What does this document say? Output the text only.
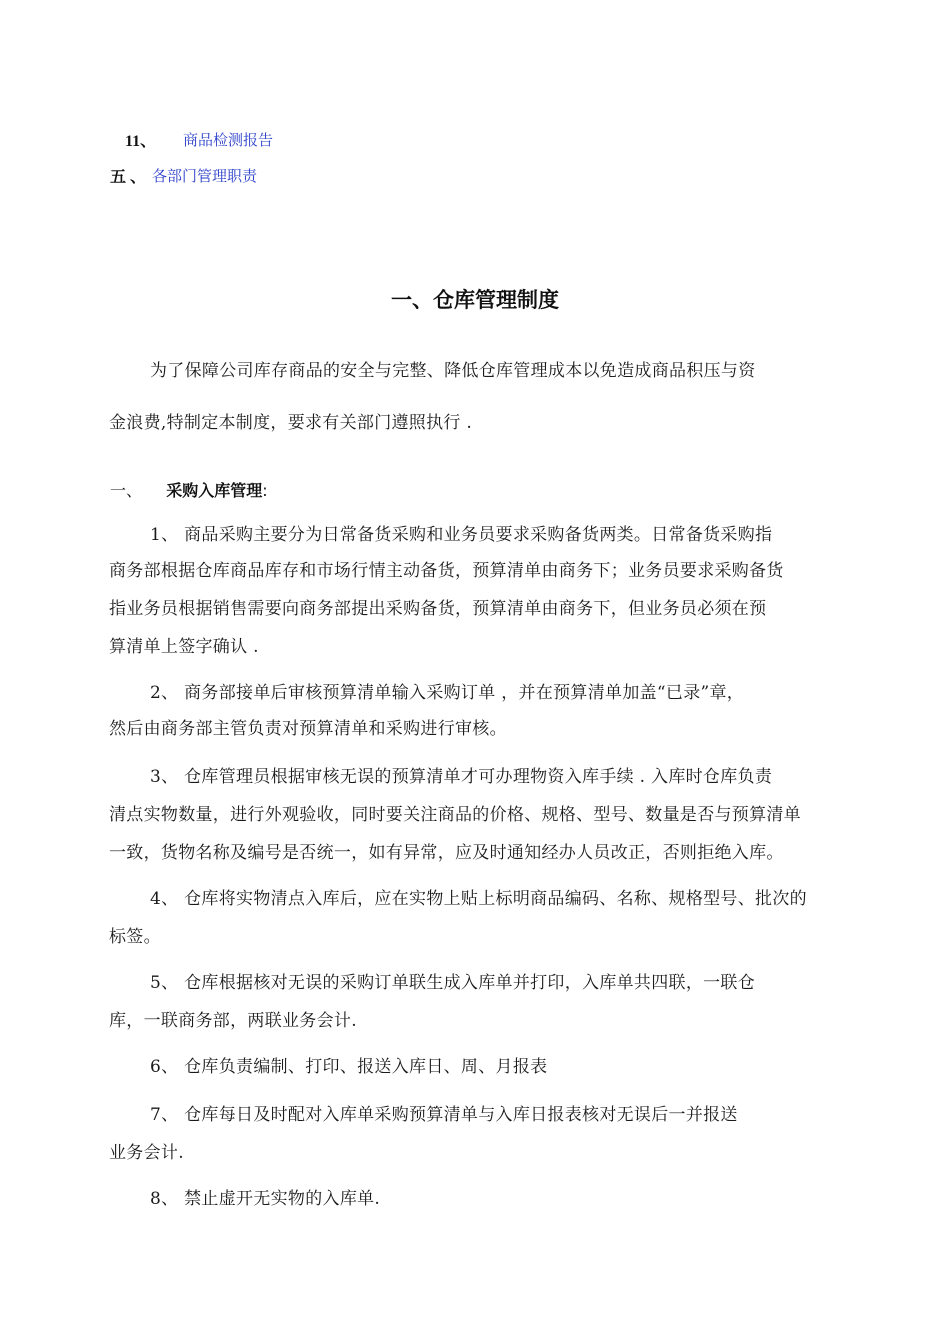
11、 商品检测报告
五 、 各部门管理职责
一、仓库管理制度
为了保障公司库存商品的安全与完整、降低仓库管理成本以免造成商品积压与资
金浪费,特制定本制度，要求有关部门遵照执行 .
一、 采购入库管理:
1、 商品采购主要分为日常备货采购和业务员要求采购备货两类。日常备货采购指
商务部根据仓库商品库存和市场行情主动备货，预算清单由商务下；业务员要求采购备货
指业务员根据销售需要向商务部提出采购备货，预算清单由商务下，但业务员必须在预
算清单上签字确认 .
2、 商务部接单后审核预算清单输入采购订单 ，并在预算清单加盖“已录”章，
然后由商务部主管负责对预算清单和采购进行审核。
3、 仓库管理员根据审核无误的预算清单才可办理物资入库手续 . 入库时仓库负责
清点实物数量，进行外观验收，同时要关注商品的价格、规格、型号、数量是否与预算清单
一致，货物名称及编号是否统一，如有异常，应及时通知经办人员改正，否则拒绝入库。
4、 仓库将实物清点入库后，应在实物上贴上标明商品编码、名称、规格型号、批次的
标签。
5、 仓库根据核对无误的采购订单联生成入库单并打印，入库单共四联，一联仓
库，一联商务部，两联业务会计.
6、 仓库负责编制、打印、报送入库日、周、月报表
7、 仓库每日及时配对入库单采购预算清单与入库日报表核对无误后一并报送
业务会计.
8、 禁止虚开无实物的入库单.
